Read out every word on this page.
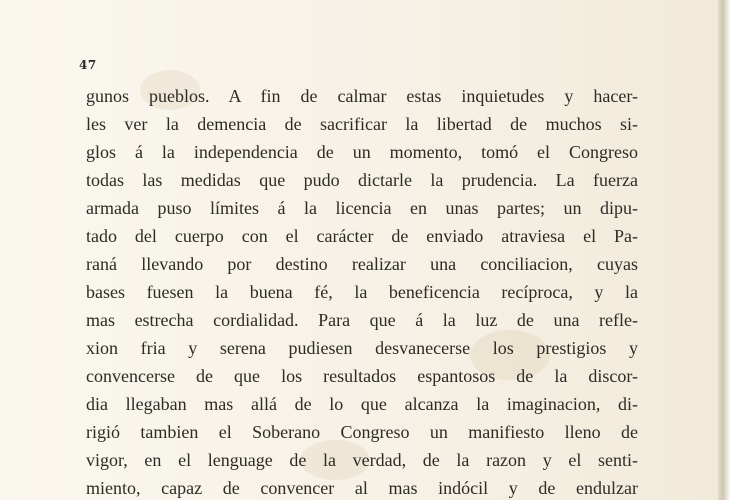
47
gunos pueblos. A fin de calmar estas inquietudes y hacer-
les ver la demencia de sacrificar la libertad de muchos si-
glos á la independencia de un momento, tomó el Congreso
todas las medidas que pudo dictarle la prudencia. La fuerza
armada puso límites á la licencia en unas partes; un dipu-
tado del cuerpo con el carácter de enviado atraviesa el Pa-
raná llevando por destino realizar una conciliacion, cuyas
bases fuesen la buena fé, la beneficencia recíproca, y la
mas estrecha cordialidad. Para que á la luz de una refle-
xion fria y serena pudiesen desvanecerse los prestigios y
convencerse de que los resultados espantosos de la discor-
dia llegaban mas allá de lo que alcanza la imaginacion, di-
rigió tambien el Soberano Congreso un manifiesto lleno de
vigor, en el lenguage de la verdad, de la razon y el senti-
miento, capaz de convencer al mas indócil y de endulzar
